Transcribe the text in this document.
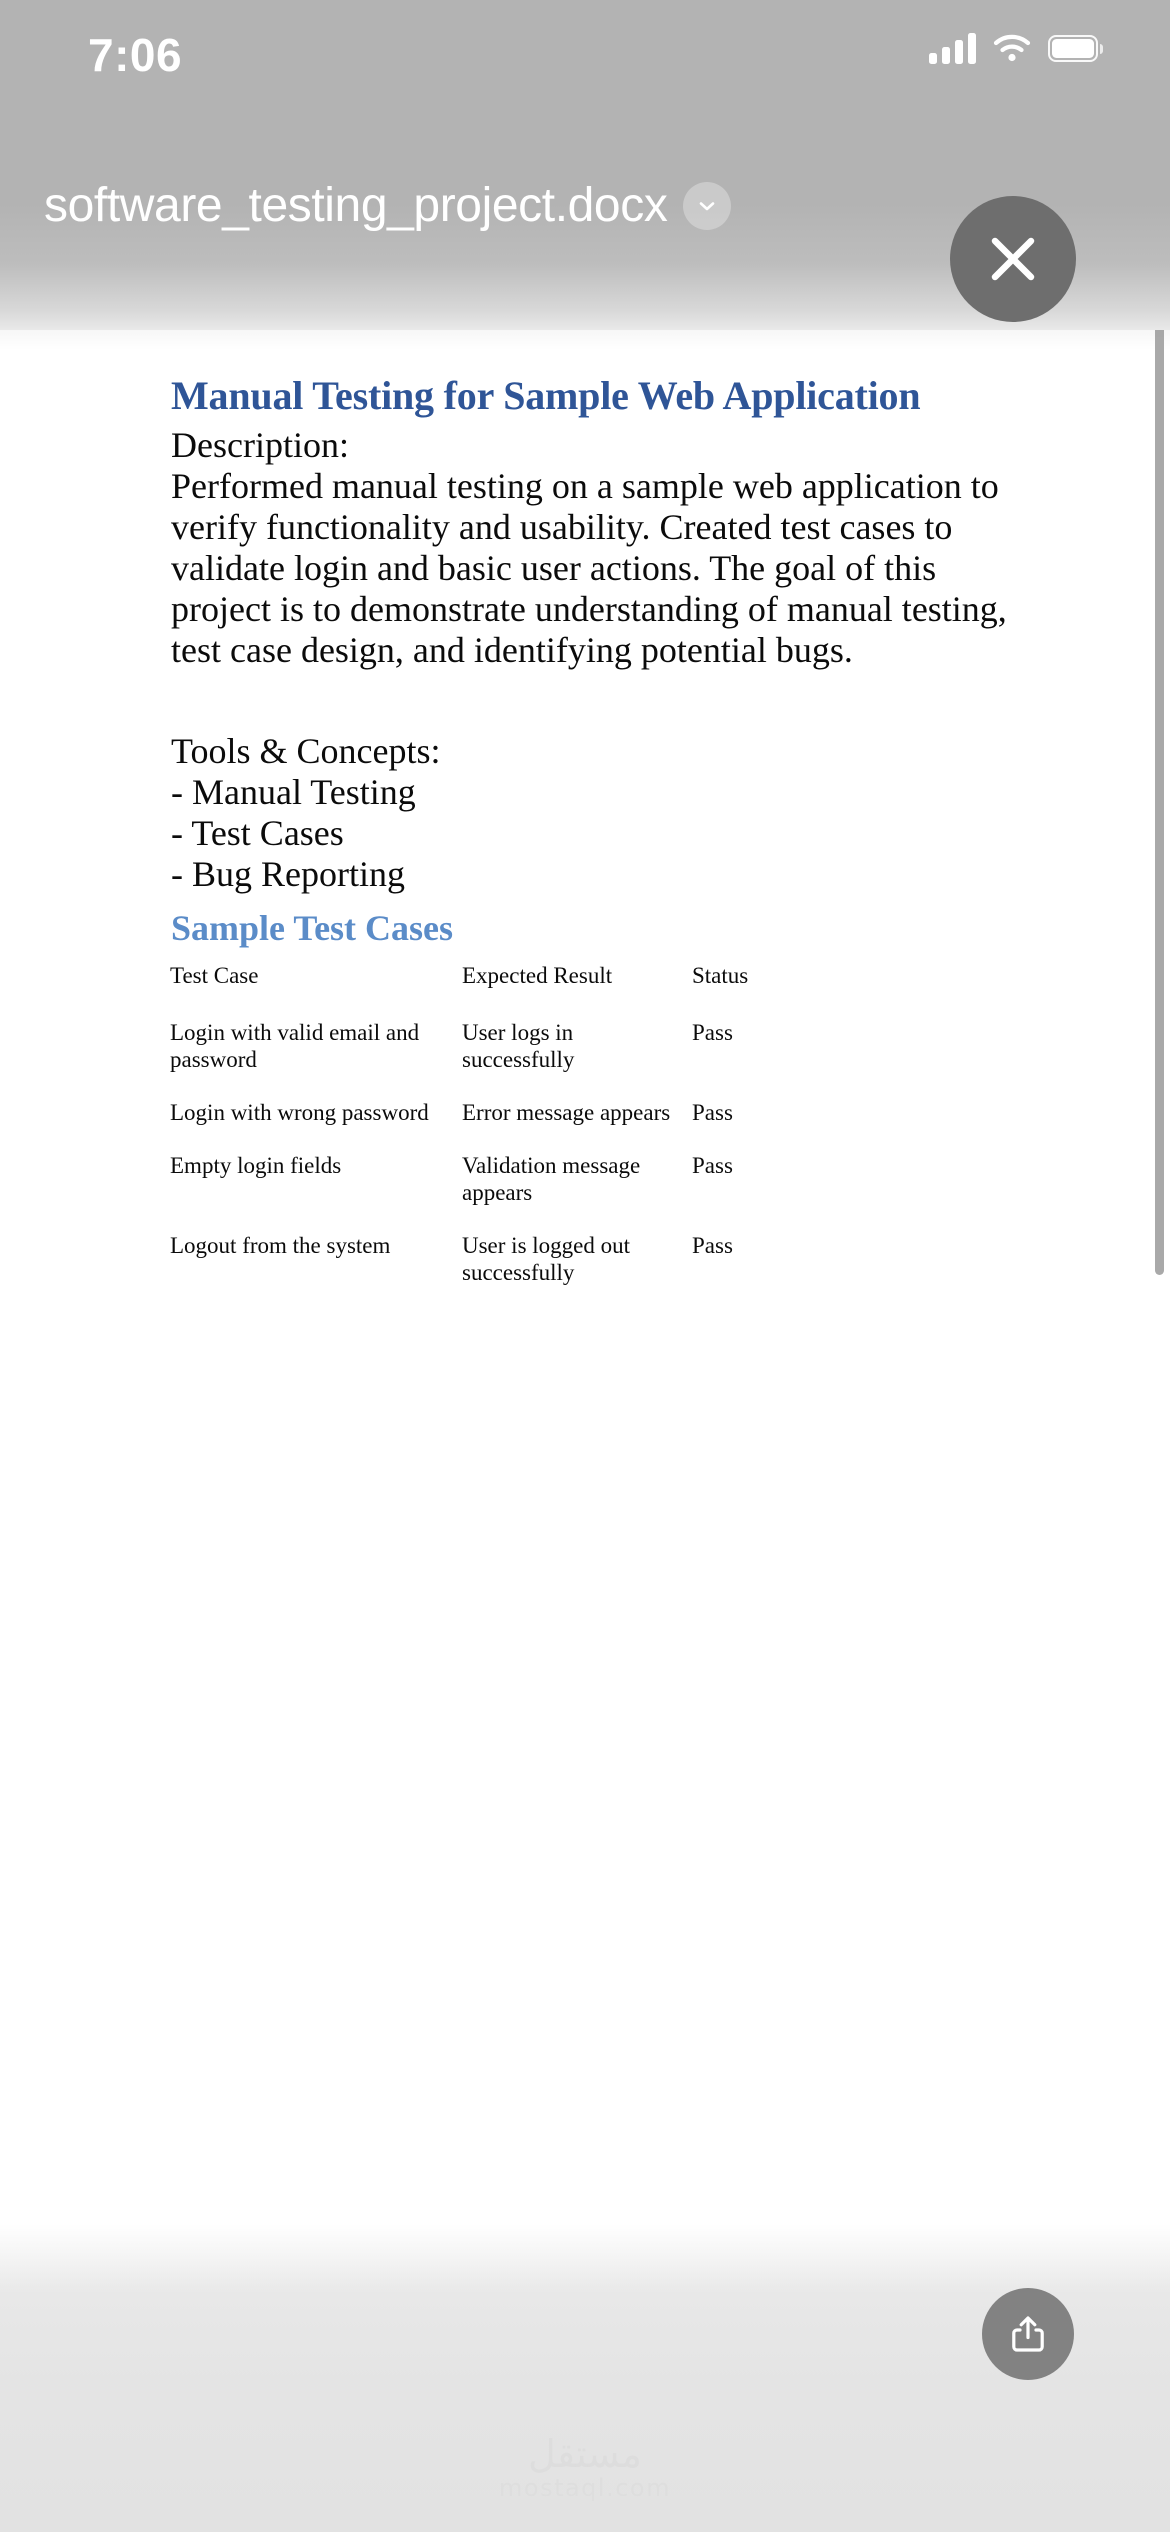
Manual Testing for Sample Web Application
Description:
Performed manual testing on a sample web application to verify functionality and usability. Created test cases to validate login and basic user actions. The goal of this project is to demonstrate understanding of manual testing, test case design, and identifying potential bugs.
Tools & Concepts:
- Manual Testing
- Test Cases
- Bug Reporting
Sample Test Cases
Test Case	Expected Result	Status
Login with valid email and password	User logs in successfully	Pass
Login with wrong password	Error message appears	Pass
Empty login fields	Validation message appears	Pass
Logout from the system	User is logged out successfully	Pass
software_testing_project.docx
7:06
مستقل
mostaql.com
